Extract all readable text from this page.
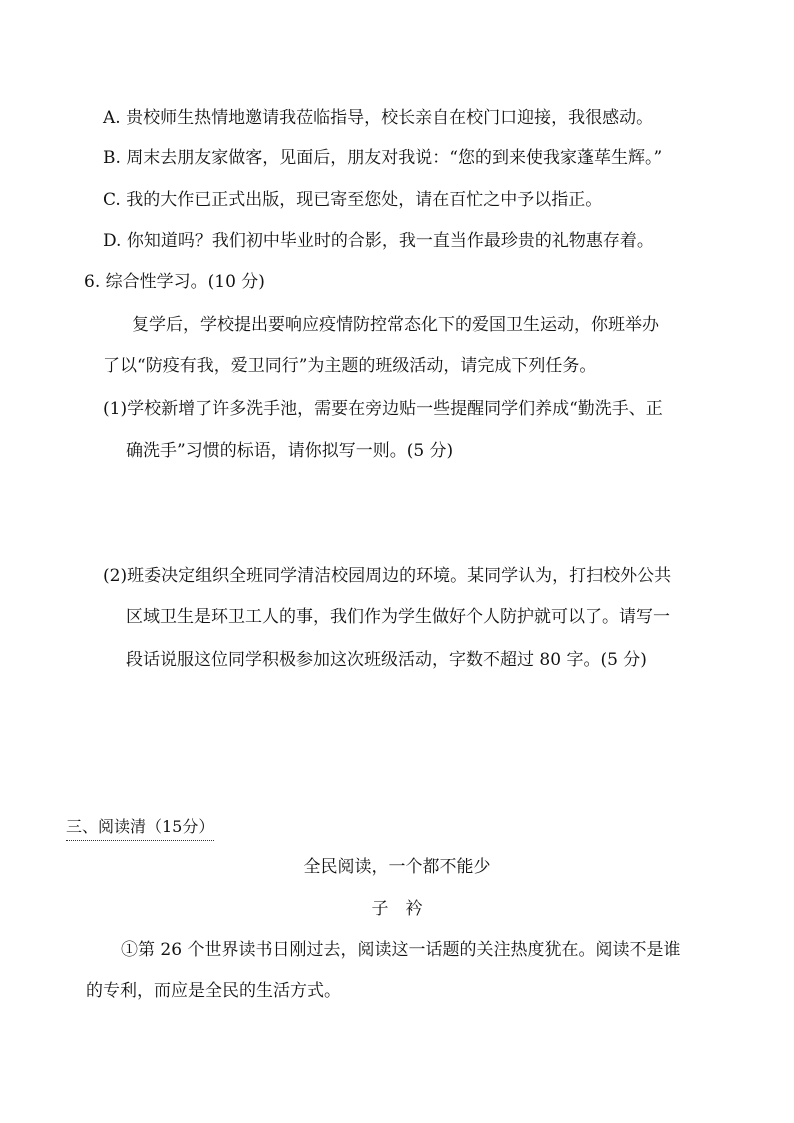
A. 贵校师生热情地邀请我莅临指导，校长亲自在校门口迎接，我很感动。
B. 周末去朋友家做客，见面后，朋友对我说：“您的到来使我家蓬荜生辉。”
C. 我的大作已正式出版，现已寄至您处，请在百忙之中予以指正。
D. 你知道吗？我们初中毕业时的合影，我一直当作最珍贵的礼物惠存着。
6. 综合性学习。(10 分)
复学后，学校提出要响应疫情防控常态化下的爱国卫生运动，你班举办
了以“防疫有我，爱卫同行”为主题的班级活动，请完成下列任务。
(1)学校新增了许多洗手池，需要在旁边贴一些提醒同学们养成“勤洗手、正
确洗手”习惯的标语，请你拟写一则。(5 分)
(2)班委决定组织全班同学清洁校园周边的环境。某同学认为，打扫校外公共
区域卫生是环卫工人的事，我们作为学生做好个人防护就可以了。请写一
段话说服这位同学积极参加这次班级活动，字数不超过 80 字。(5 分)
三、阅读清（15分）
全民阅读，一个都不能少
子　衿
①第 26 个世界读书日刚过去，阅读这一话题的关注热度犹在。阅读不是谁
的专利，而应是全民的生活方式。
